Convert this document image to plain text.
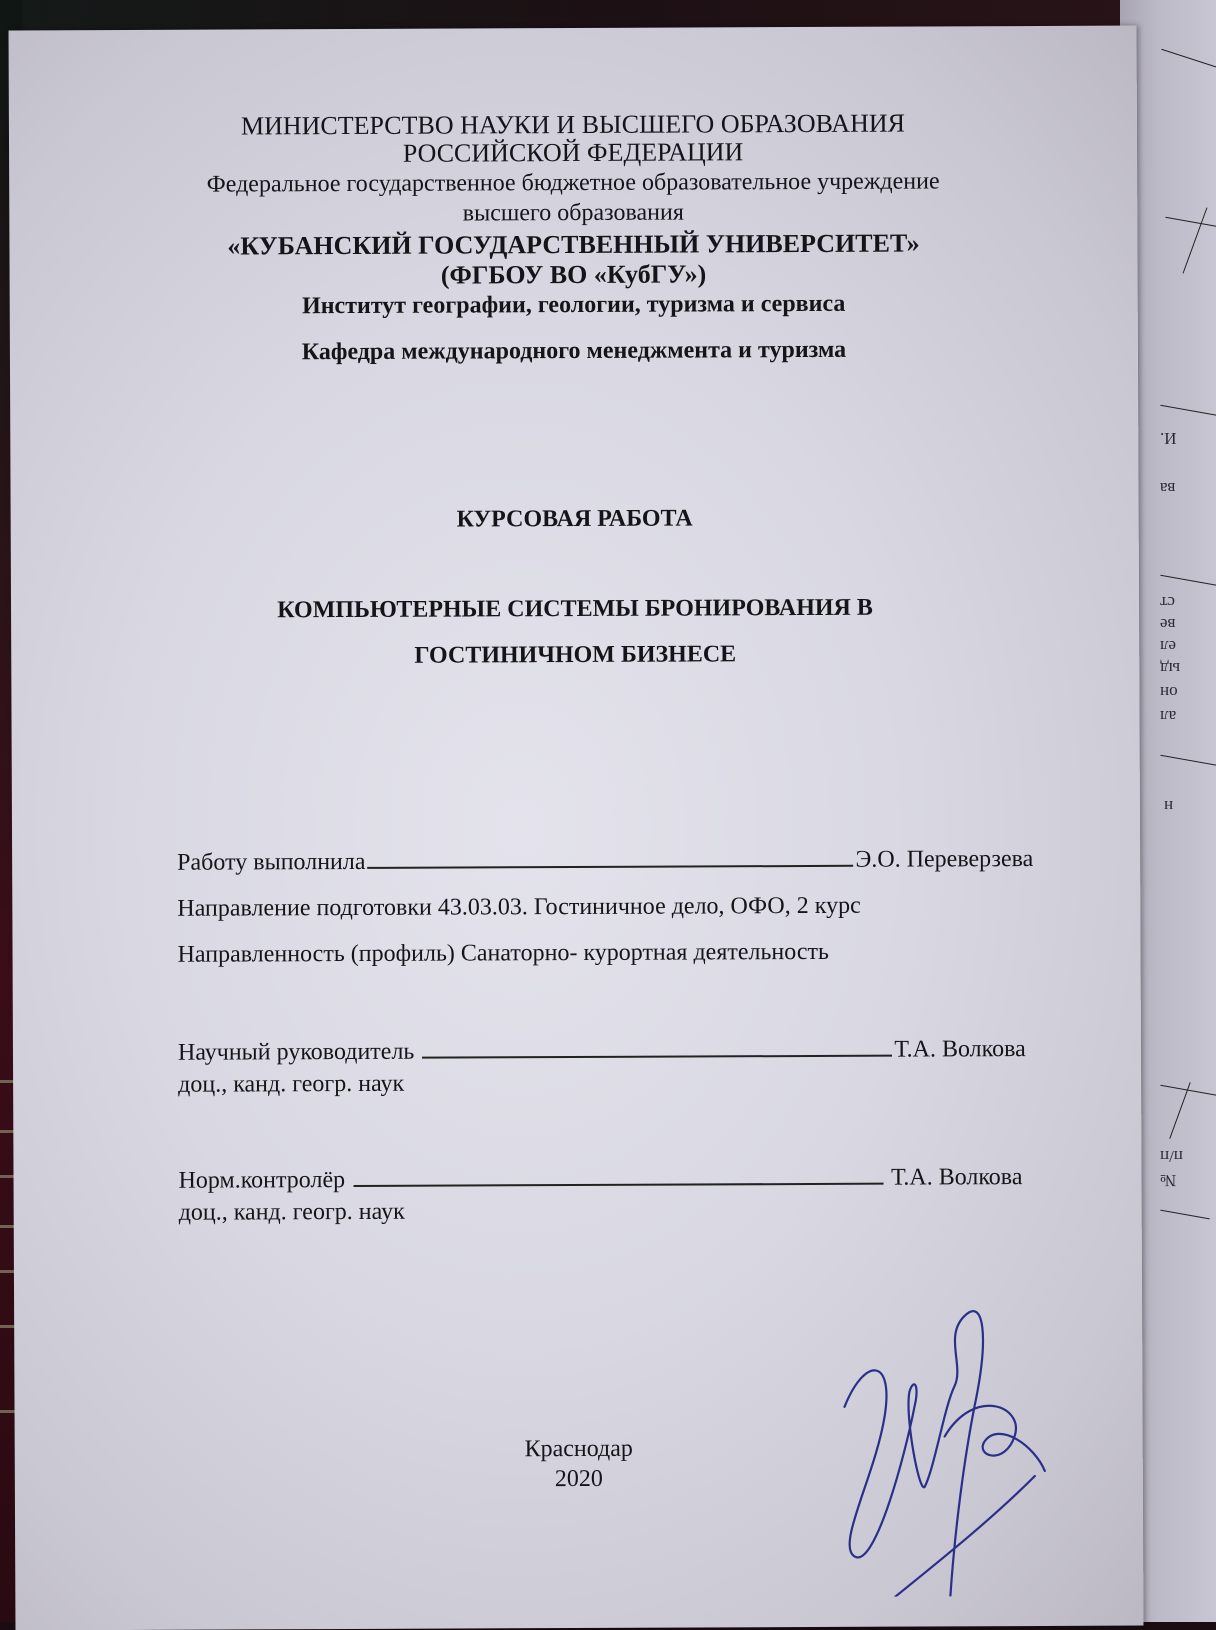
И.
ва
ст
ве
ел
ыд
он
ал
н
п/п
№
МИНИСТЕРСТВО НАУКИ И ВЫСШЕГО ОБРАЗОВАНИЯ
РОССИЙСКОЙ ФЕДЕРАЦИИ
Федеральное государственное бюджетное образовательное учреждение
высшего образования
«КУБАНСКИЙ ГОСУДАРСТВЕННЫЙ УНИВЕРСИТЕТ»
(ФГБОУ ВО «КубГУ»)
Институт географии, геологии, туризма и сервиса
Кафедра международного менеджмента и туризма
КУРСОВАЯ РАБОТА
КОМПЬЮТЕРНЫЕ СИСТЕМЫ БРОНИРОВАНИЯ В
ГОСТИНИЧНОМ БИЗНЕСЕ
Работу выполнила	Э.О. Переверзева
Направление подготовки 43.03.03. Гостиничное дело, ОФО, 2 курс
Направленность (профиль) Санаторно- курортная деятельность
Научный руководитель	Т.А. Волкова
доц., канд. геогр. наук
Норм.контролёр	Т.А. Волкова
доц., канд. геогр. наук
Краснодар
2020
